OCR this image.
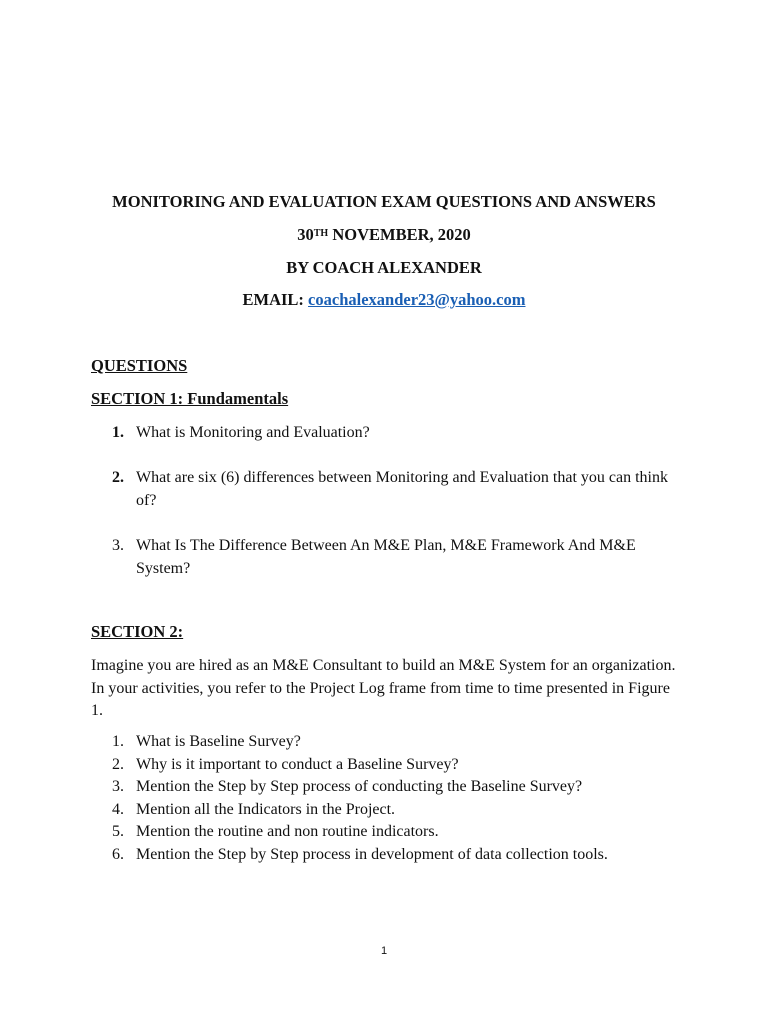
MONITORING AND EVALUATION EXAM QUESTIONS AND ANSWERS
30TH NOVEMBER, 2020
BY COACH ALEXANDER
EMAIL: coachalexander23@yahoo.com
QUESTIONS
SECTION 1: Fundamentals
1. What is Monitoring and Evaluation?
2. What are six (6) differences between Monitoring and Evaluation that you can think of?
3. What Is The Difference Between An M&E Plan, M&E Framework And M&E System?
SECTION 2:
Imagine you are hired as an M&E Consultant to build an M&E System for an organization. In your activities, you refer to the Project Log frame from time to time presented in Figure 1.
1. What is Baseline Survey?
2. Why is it important to conduct a Baseline Survey?
3. Mention the Step by Step process of conducting the Baseline Survey?
4. Mention all the Indicators in the Project.
5. Mention the routine and non routine indicators.
6. Mention the Step by Step process in development of data collection tools.
1
